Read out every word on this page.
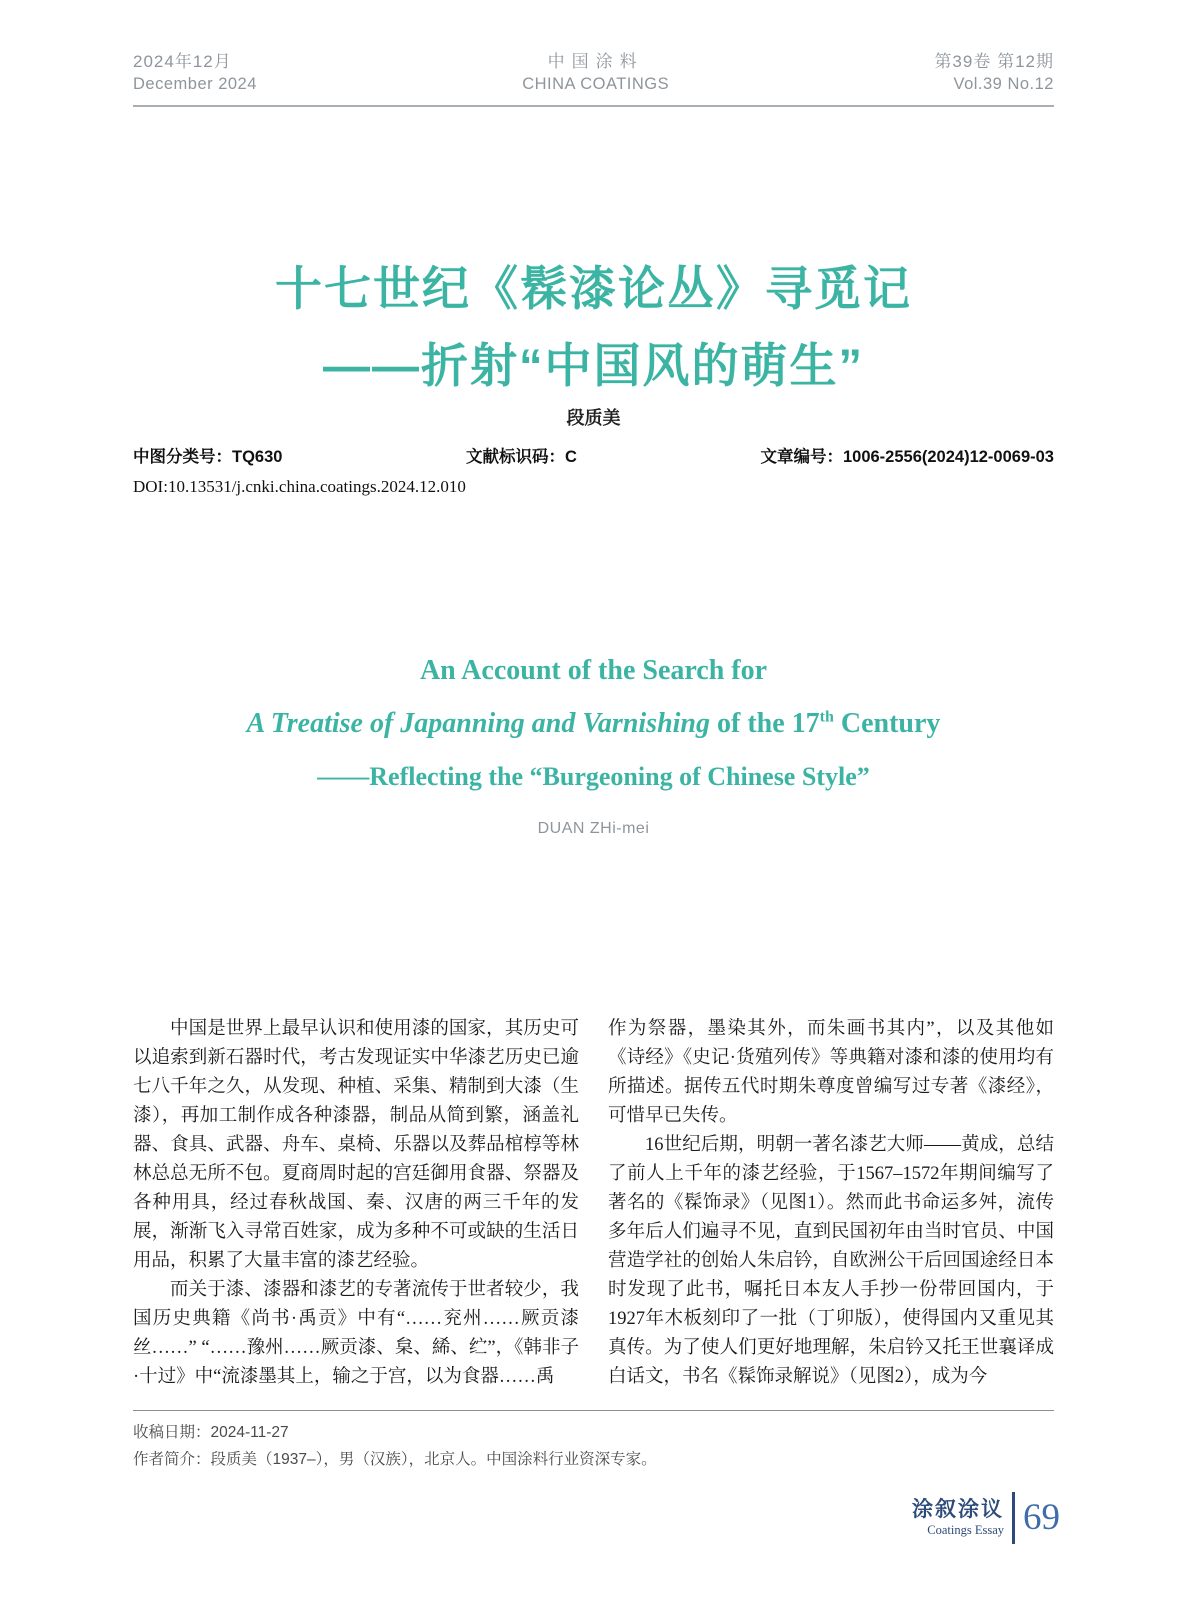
2024年12月
December 2024
中国涂料
CHINA COATINGS
第39卷 第12期
Vol.39 No.12
十七世纪《髹漆论丛》寻觅记
——折射“中国风的萌生”
段质美
中图分类号：TQ630	文献标识码：C	文章编号：1006-2556(2024)12-0069-03
DOI:10.13531/j.cnki.china.coatings.2024.12.010
An Account of the Search for
A Treatise of Japanning and Varnishing of the 17th Century
——Reflecting the “Burgeoning of Chinese Style”
DUAN ZHi-mei

中国是世界上最早认识和使用漆的国家，其历史可以追索到新石器时代，考古发现证实中华漆艺历史已逾七八千年之久，从发现、种植、采集、精制到大漆（生漆），再加工制作成各种漆器，制品从简到繁，涵盖礼器、食具、武器、舟车、桌椅、乐器以及葬品棺椁等林林总总无所不包。夏商周时起的宫廷御用食器、祭器及各种用具，经过春秋战国、秦、汉唐的两三千年的发展，渐渐飞入寻常百姓家，成为多种不可或缺的生活日用品，积累了大量丰富的漆艺经验。

而关于漆、漆器和漆艺的专著流传于世者较少，我国历史典籍《尚书·禹贡》中有“……兖州……厥贡漆丝……” “……豫州……厥贡漆、枲、絺、纻”，《韩非子·十过》中“流漆墨其上，输之于宫，以为食器……禹

作为祭器，墨染其外，而朱画书其内”，以及其他如《诗经》《史记·货殖列传》等典籍对漆和漆的使用均有所描述。据传五代时期朱尊度曾编写过专著《漆经》，可惜早已失传。

16世纪后期，明朝一著名漆艺大师——黄成，总结了前人上千年的漆艺经验，于1567–1572年期间编写了著名的《髹饰录》（见图1）。然而此书命运多舛，流传多年后人们遍寻不见，直到民国初年由当时官员、中国营造学社的创始人朱启钤，自欧洲公干后回国途经日本时发现了此书，嘱托日本友人手抄一份带回国内，于1927年木板刻印了一批（丁卯版），使得国内又重见其真传。为了使人们更好地理解，朱启钤又托王世襄译成白话文，书名《髹饰录解说》（见图2），成为今

收稿日期：2024-11-27
作者简介：段质美（1937–），男（汉族），北京人。中国涂料行业资深专家。
涂叙涂议
Coatings Essay 69
